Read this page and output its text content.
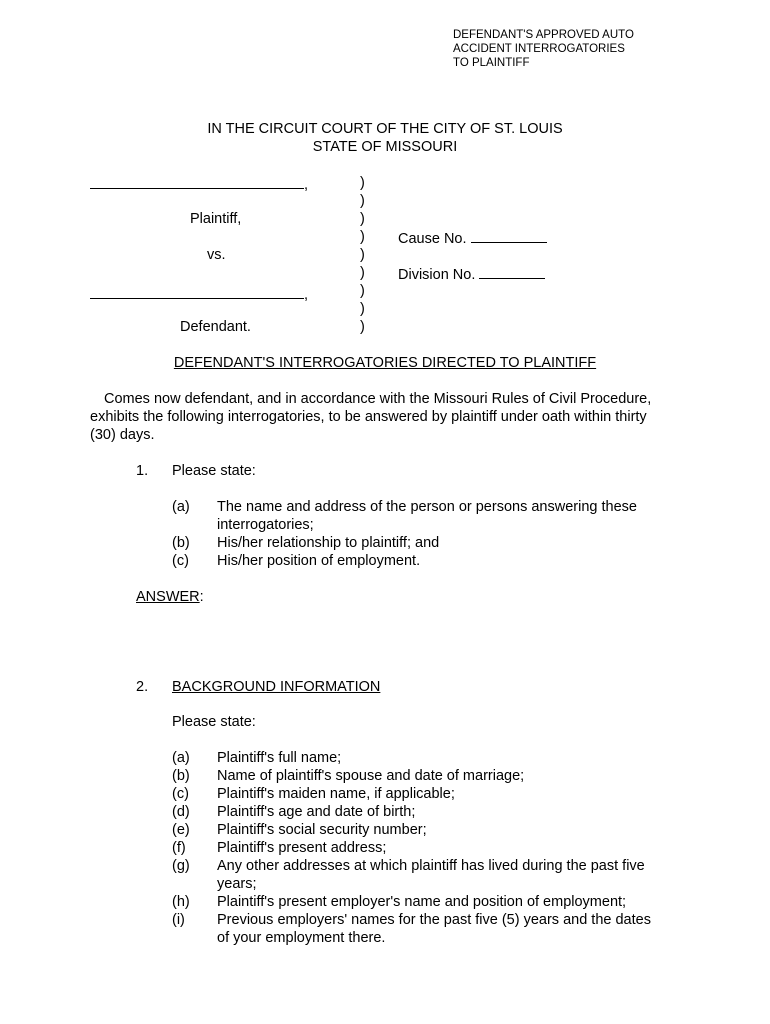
DEFENDANT'S APPROVED AUTO
ACCIDENT INTERROGATORIES
TO PLAINTIFF
IN THE CIRCUIT COURT OF THE CITY OF ST. LOUIS
STATE OF MISSOURI
,
Plaintiff,
vs.
,
Defendant.
)
)
)
)
)
)
)
)
)
Cause No.
Division No.
DEFENDANT'S INTERROGATORIES DIRECTED TO PLAINTIFF
Comes now defendant, and in accordance with the Missouri Rules of Civil Procedure,
exhibits the following interrogatories, to be answered by plaintiff under oath within thirty
(30) days.
1. Please state:
(a) The name and address of the person or persons answering these
interrogatories;
(b) His/her relationship to plaintiff; and
(c) His/her position of employment.
ANSWER:
2. BACKGROUND INFORMATION
Please state:
(a) Plaintiff's full name;
(b) Name of plaintiff's spouse and date of marriage;
(c) Plaintiff's maiden name, if applicable;
(d) Plaintiff's age and date of birth;
(e) Plaintiff's social security number;
(f) Plaintiff's present address;
(g) Any other addresses at which plaintiff has lived during the past five
years;
(h) Plaintiff's present employer's name and position of employment;
(i) Previous employers' names for the past five (5) years and the dates
of your employment there.
